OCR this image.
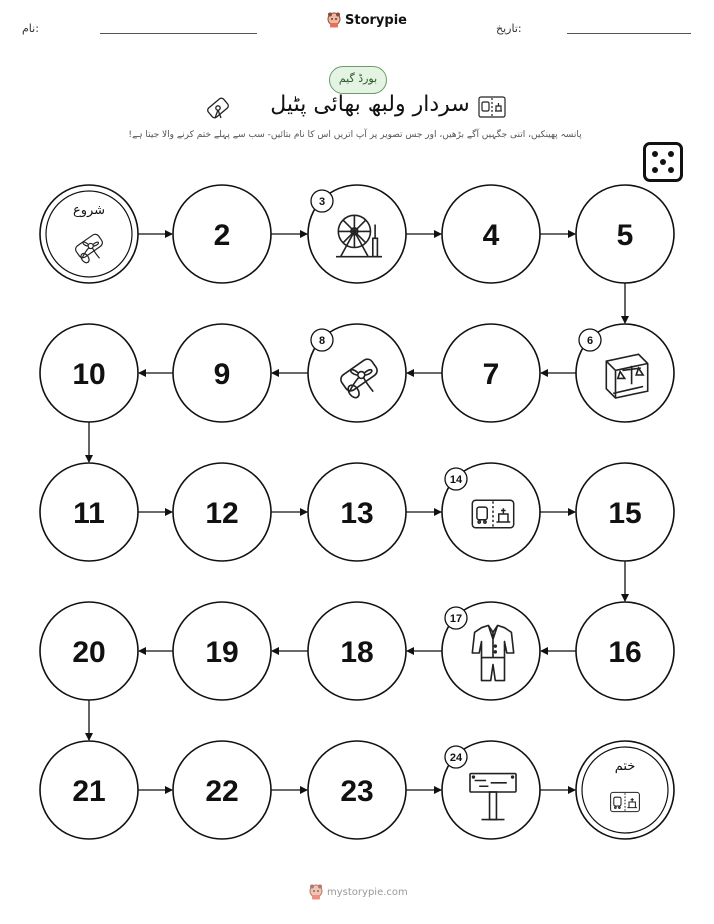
نام:	تاریخ:
Storypie
بورڈ گیم
سردار ولبھ بھائی پٹیل
پانسہ پھینکیں، اتنی جگہیں آگے بڑھیں، اور جس تصویر پر آپ اتریں اس کا نام بتائیں- سب سے پہلے ختم کرنے والا جیتا ہے!
شروع
2
3
4	5
6
7
8
9
10
11	12	13
14
15
16
17
18
19
20
21	22	23
24
ختم
mystorypie.com
